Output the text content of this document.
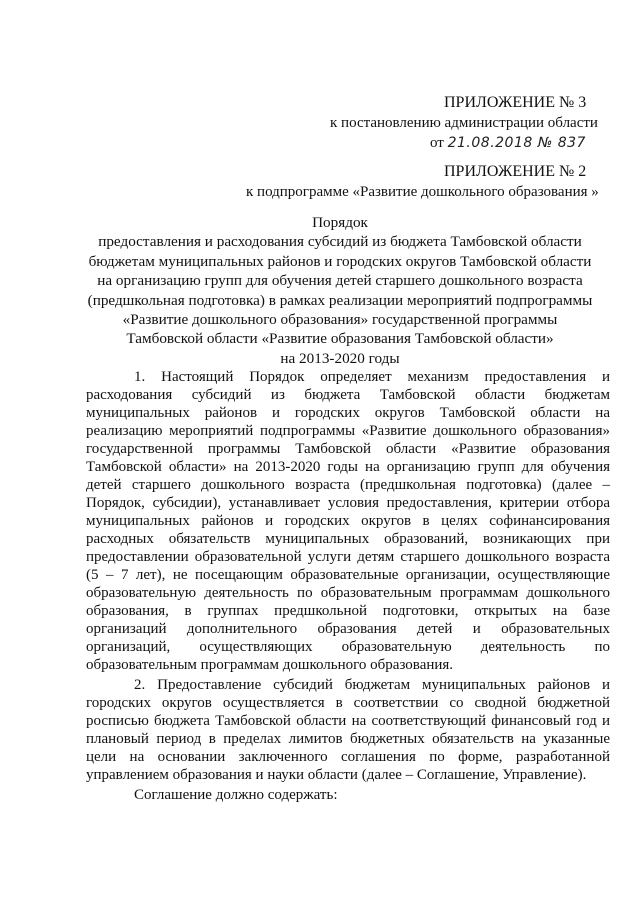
ПРИЛОЖЕНИЕ № 3
к постановлению администрации области
от 21.08.2018 № 837
ПРИЛОЖЕНИЕ № 2
к подпрограмме «Развитие дошкольного образования »
Порядок
предоставления и расходования субсидий из бюджета Тамбовской области
бюджетам муниципальных районов и городских округов Тамбовской области
на организацию групп для обучения детей старшего дошкольного возраста
(предшкольная подготовка) в рамках реализации мероприятий подпрограммы
«Развитие дошкольного образования» государственной программы
Тамбовской области «Развитие образования Тамбовской области»
на 2013-2020 годы

1. Настоящий Порядок определяет механизм предоставления и расходования субсидий из бюджета Тамбовской области бюджетам муниципальных районов и городских округов Тамбовской области на реализацию мероприятий подпрограммы «Развитие дошкольного образования» государственной программы Тамбовской области «Развитие образования Тамбовской области» на 2013-2020 годы на организацию групп для обучения детей старшего дошкольного возраста (предшкольная подготовка) (далее – Порядок, субсидии), устанавливает условия предоставления, критерии отбора муниципальных районов и городских округов в целях софинансирования расходных обязательств муниципальных образований, возникающих при предоставлении образовательной услуги детям старшего дошкольного возраста (5 – 7 лет), не посещающим образовательные организации, осуществляющие образовательную деятельность по образовательным программам дошкольного образования, в группах предшкольной подготовки, открытых на базе организаций дополнительного образования детей и образовательных организаций, осуществляющих образовательную деятельность по образовательным программам дошкольного образования.

2. Предоставление субсидий бюджетам муниципальных районов и городских округов осуществляется в соответствии со сводной бюджетной росписью бюджета Тамбовской области на соответствующий финансовый год и плановый период в пределах лимитов бюджетных обязательств на указанные цели на основании заключенного соглашения по форме, разработанной управлением образования и науки области (далее – Соглашение, Управление).

Соглашение должно содержать:
